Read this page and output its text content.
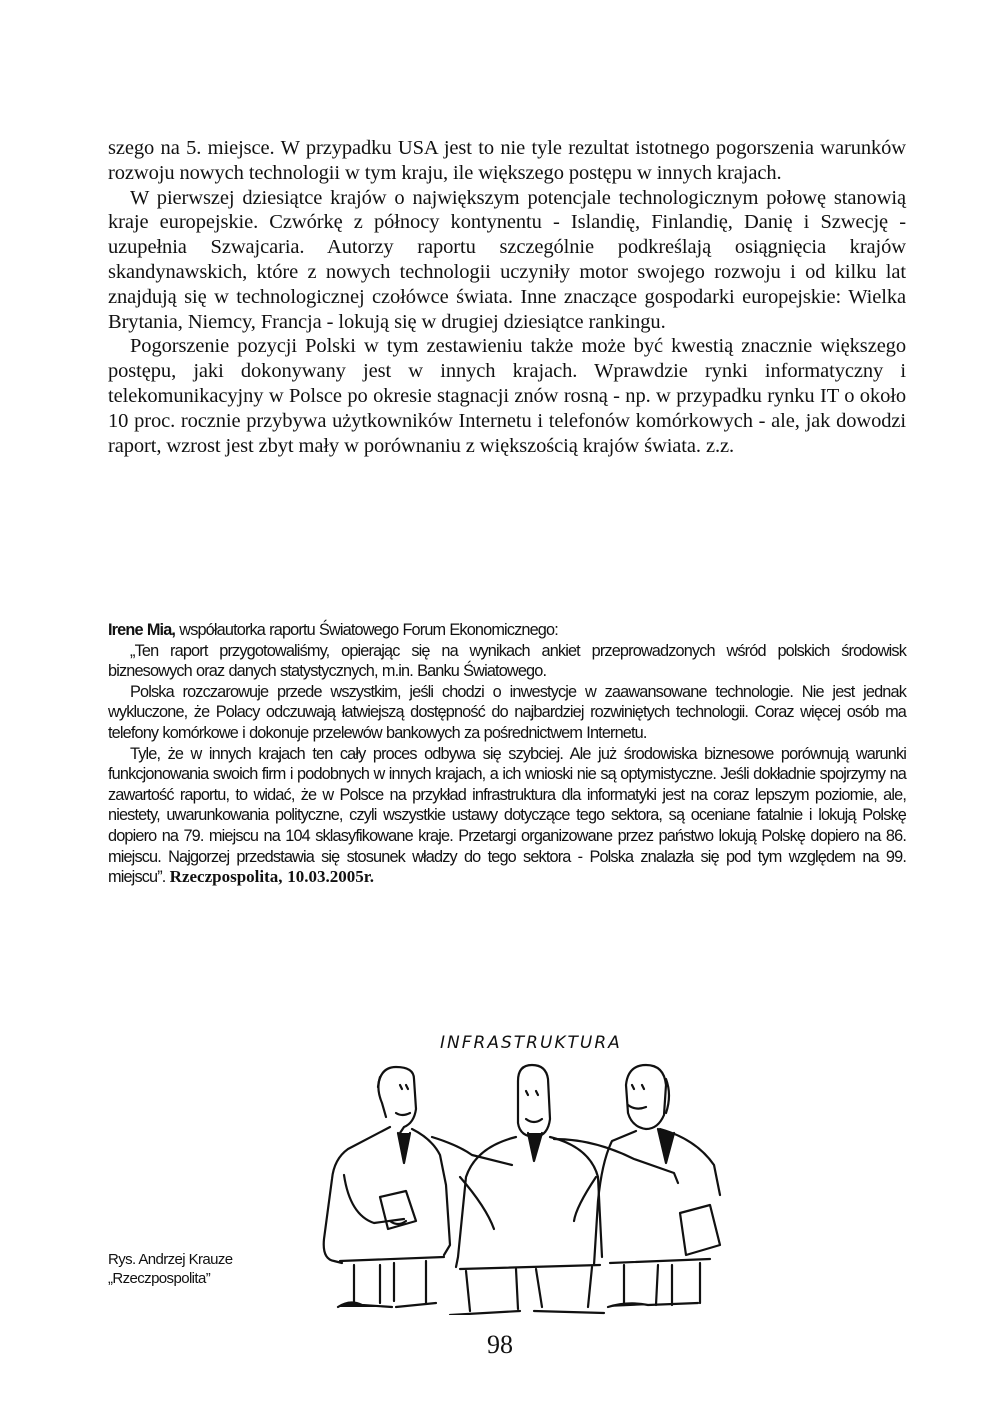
szego na 5. miejsce. W przypadku USA jest to nie tyle rezultat istotnego pogorszenia warunków rozwoju nowych technologii w tym kraju, ile większego postępu w innych krajach.

W pierwszej dziesiątce krajów o największym potencjale technologicznym połowę stanowią kraje europejskie. Czwórkę z północy kontynentu - Islandię, Finlandię, Danię i Szwecję - uzupełnia Szwajcaria. Autorzy raportu szczególnie podkreślają osiągnięcia krajów skandynawskich, które z nowych technologii uczyniły motor swojego rozwoju i od kilku lat znajdują się w technologicznej czołówce świata. Inne znaczące gospodarki europejskie: Wielka Brytania, Niemcy, Francja - lokują się w drugiej dziesiątce rankingu.

Pogorszenie pozycji Polski w tym zestawieniu także może być kwestią znacznie większego postępu, jaki dokonywany jest w innych krajach. Wprawdzie rynki informatyczny i telekomunikacyjny w Polsce po okresie stagnacji znów rosną - np. w przypadku rynku IT o około 10 proc. rocznie przybywa użytkowników Internetu i telefonów komórkowych - ale, jak dowodzi raport, wzrost jest zbyt mały w porównaniu z większością krajów świata. z.z.

Irene Mia, współautorka raportu Światowego Forum Ekonomicznego:

„Ten raport przygotowaliśmy, opierając się na wynikach ankiet przeprowadzonych wśród polskich środowisk biznesowych oraz danych statystycznych, m.in. Banku Światowego.

Polska rozczarowuje przede wszystkim, jeśli chodzi o inwestycje w zaawansowane technologie. Nie jest jednak wykluczone, że Polacy odczuwają łatwiejszą dostępność do najbardziej rozwiniętych technologii. Coraz więcej osób ma telefony komórkowe i dokonuje przelewów bankowych za pośrednictwem Internetu.

Tyle, że w innych krajach ten cały proces odbywa się szybciej. Ale już środowiska biznesowe porównują warunki funkcjonowania swoich firm i podobnych w innych krajach, a ich wnioski nie są optymistyczne. Jeśli dokładnie spojrzymy na zawartość raportu, to widać, że w Polsce na przykład infrastruktura dla informatyki jest na coraz lepszym poziomie, ale, niestety, uwarunkowania polityczne, czyli wszystkie ustawy dotyczące tego sektora, są oceniane fatalnie i lokują Polskę dopiero na 79. miejscu na 104 sklasyfikowane kraje. Przetargi organizowane przez państwo lokują Polskę dopiero na 86. miejscu. Najgorzej przedstawia się stosunek władzy do tego sektora - Polska znalazła się pod tym względem na 99. miejscu”. Rzeczpospolita, 10.03.2005r.

INFRASTRUKTURA
Rys. Andrzej Krauze
„Rzeczpospolita”
98
